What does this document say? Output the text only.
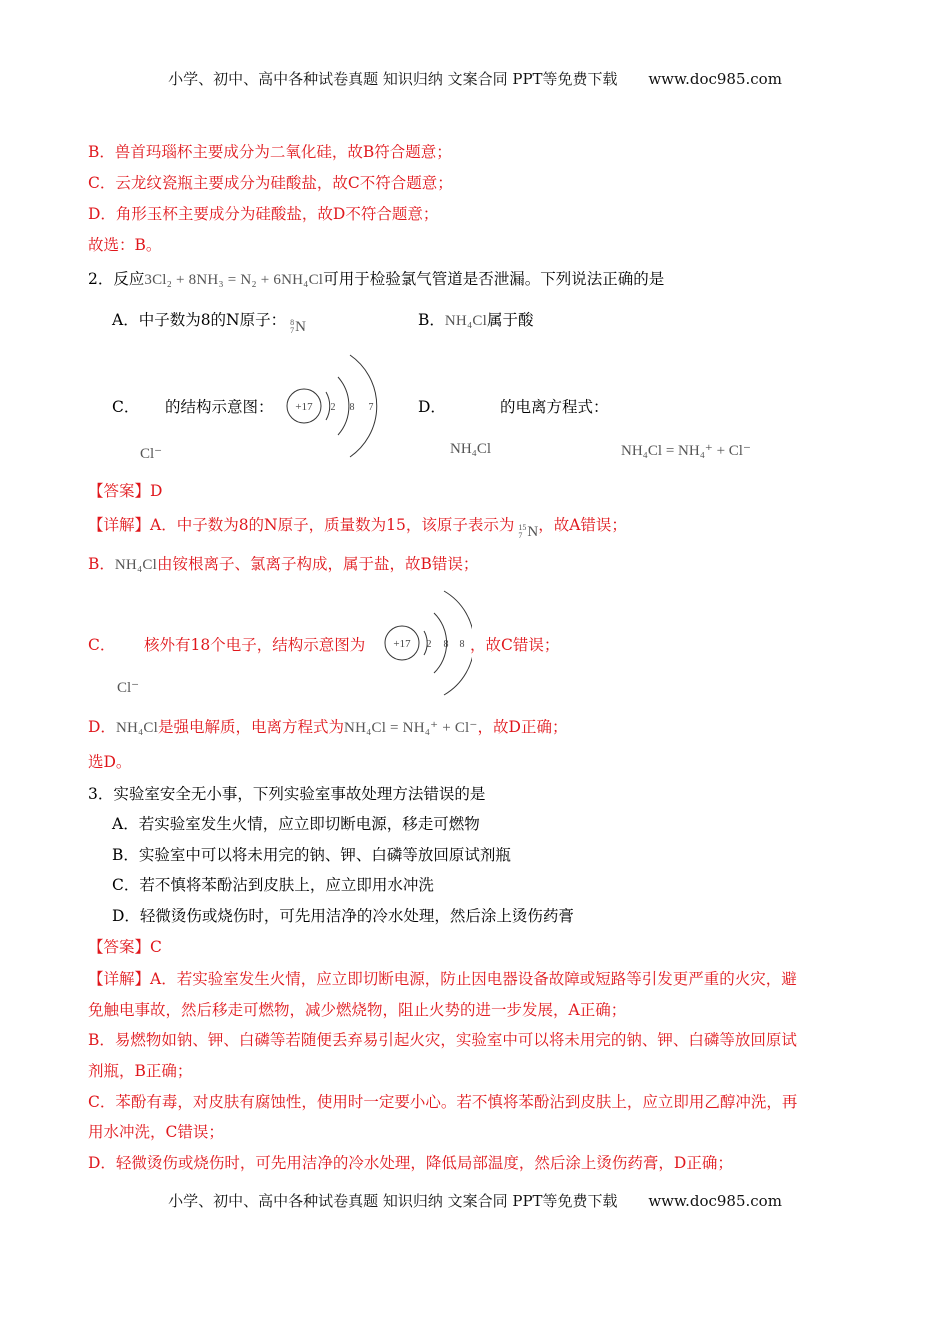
小学、初中、高中各种试卷真题 知识归纳 文案合同 PPT等免费下载 www.doc985.com
B．兽首玛瑙杯主要成分为二氧化硅，故B符合题意；
C．云龙纹瓷瓶主要成分为硅酸盐，故C不符合题意；
D．角形玉杯主要成分为硅酸盐，故D不符合题意；
故选：B。
2．反应3Cl₂ + 8NH₃ = N₂ + 6NH₄Cl可用于检验氯气管道是否泄漏。下列说法正确的是
A．中子数为8的N原子： 8
7 N	B．NH₄Cl属于酸
C． 的结构示意图：
Cl⁻
+17 2 8 7	D．	的电离方程式：
NH₄Cl	NH₄Cl = NH₄⁺ + Cl⁻
【答案】D
【详解】A．中子数为8的N原子，质量数为15，该原子表示为 15
7 N ，故A错误；
B．NH₄Cl由铵根离子、氯离子构成，属于盐，故B错误；
C． 核外有18个电子，结构示意图为	+17 2 8 8 ，故C错误；
Cl⁻
D．NH₄Cl是强电解质，电离方程式为NH₄Cl = NH₄⁺ + Cl⁻，故D正确；
选D。
3．实验室安全无小事，下列实验室事故处理方法错误的是
A．若实验室发生火情，应立即切断电源，移走可燃物
B．实验室中可以将未用完的钠、钾、白磷等放回原试剂瓶
C．若不慎将苯酚沾到皮肤上，应立即用水冲洗
D．轻微烫伤或烧伤时，可先用洁净的冷水处理，然后涂上烫伤药膏
【答案】C
【详解】A．若实验室发生火情，应立即切断电源，防止因电器设备故障或短路等引发更严重的火灾，避
免触电事故，然后移走可燃物，减少燃烧物，阻止火势的进一步发展，A正确；
B．易燃物如钠、钾、白磷等若随便丢弃易引起火灾，实验室中可以将未用完的钠、钾、白磷等放回原试
剂瓶，B正确；
C．苯酚有毒，对皮肤有腐蚀性，使用时一定要小心。若不慎将苯酚沾到皮肤上，应立即用乙醇冲洗，再
用水冲洗，C错误；
D．轻微烫伤或烧伤时，可先用洁净的冷水处理，降低局部温度，然后涂上烫伤药膏，D正确；
小学、初中、高中各种试卷真题 知识归纳 文案合同 PPT等免费下载 www.doc985.com
